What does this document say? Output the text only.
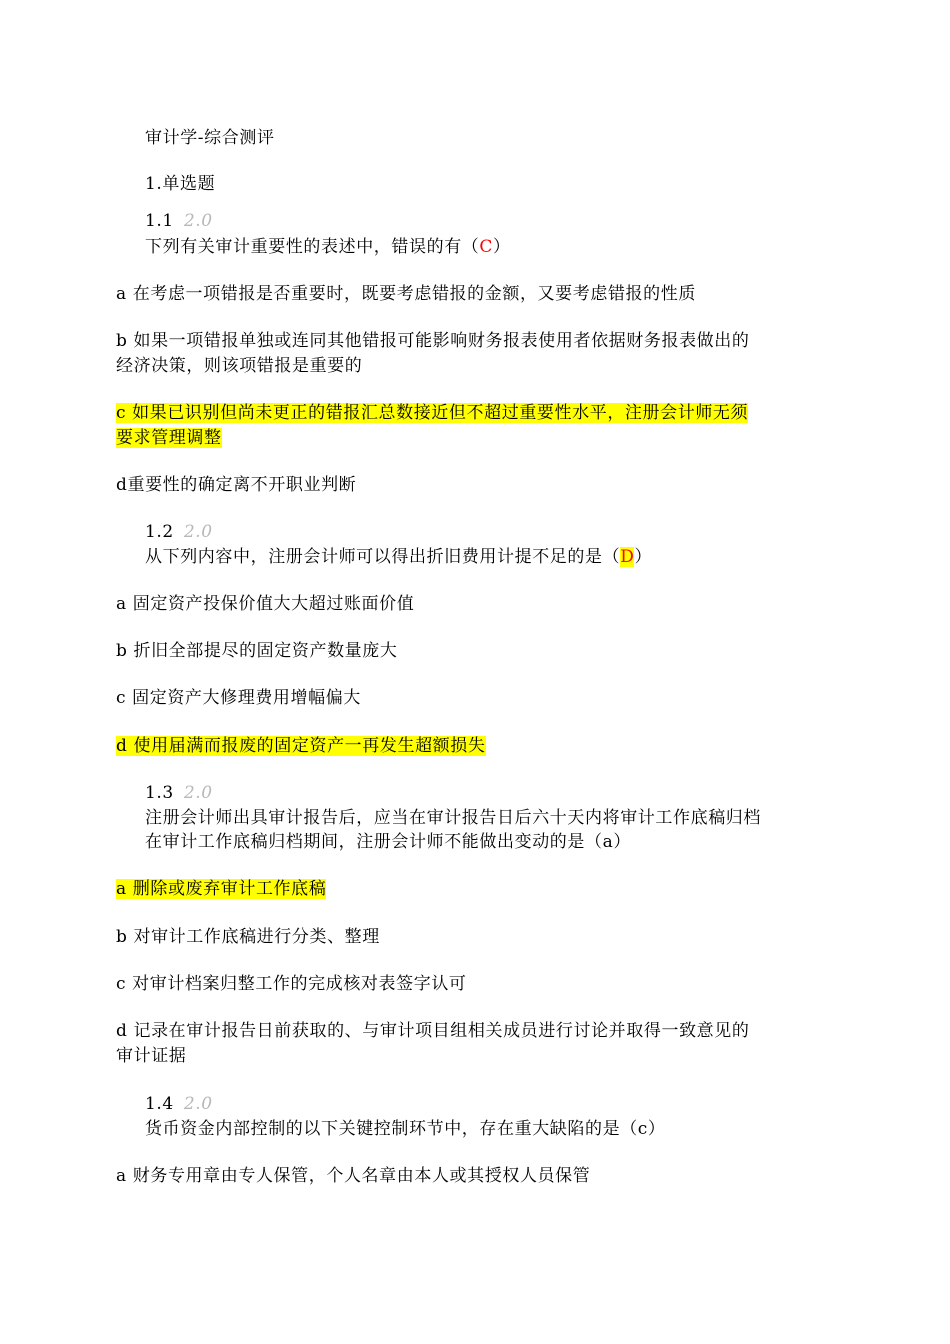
审计学-综合测评
1.单选题
1.1 2.0
下列有关审计重要性的表述中，错误的有（C）
a 在考虑一项错报是否重要时，既要考虑错报的金额，又要考虑错报的性质
b 如果一项错报单独或连同其他错报可能影响财务报表使用者依据财务报表做出的
经济决策，则该项错报是重要的
c 如果已识别但尚未更正的错报汇总数接近但不超过重要性水平，注册会计师无须
要求管理调整
d重要性的确定离不开职业判断
1.2 2.0
从下列内容中，注册会计师可以得出折旧费用计提不足的是（D）
a 固定资产投保价值大大超过账面价值
b 折旧全部提尽的固定资产数量庞大
c 固定资产大修理费用增幅偏大
d 使用届满而报废的固定资产一再发生超额损失
1.3 2.0
注册会计师出具审计报告后，应当在审计报告日后六十天内将审计工作底稿归档
在审计工作底稿归档期间，注册会计师不能做出变动的是（a）
a 删除或废弃审计工作底稿
b 对审计工作底稿进行分类、整理
c 对审计档案归整工作的完成核对表签字认可
d 记录在审计报告日前获取的、与审计项目组相关成员进行讨论并取得一致意见的
审计证据
1.4 2.0
货币资金内部控制的以下关键控制环节中，存在重大缺陷的是（c）
a 财务专用章由专人保管，个人名章由本人或其授权人员保管
